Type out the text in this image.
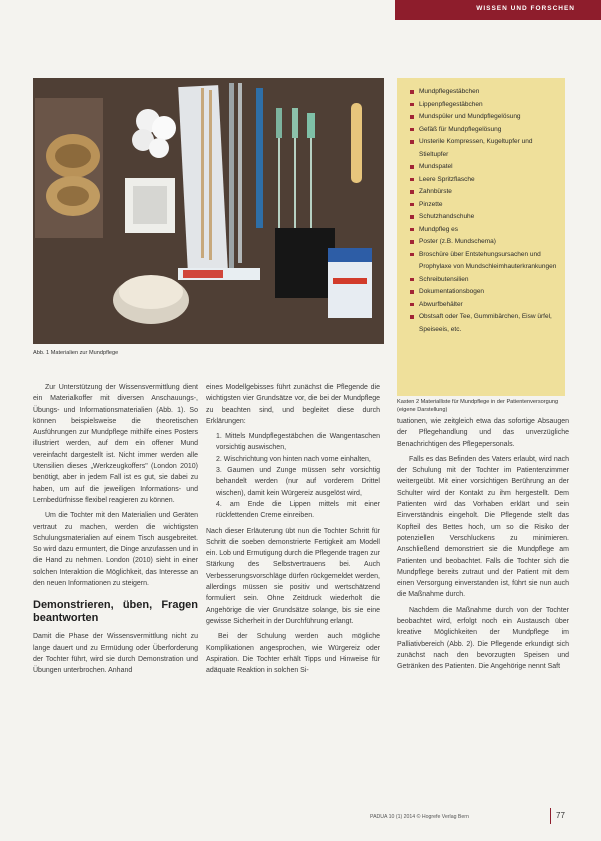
WISSEN UND FORSCHEN
Abb. 1 Materialien zur Mundpflege
Mundpflegestäbchen
Lippenpflegestäbchen
Mundspüler und Mundpflegelösung
Gefäß für Mundpflegelösung
Unsterile Kompressen, Kugeltupfer und Stieltupfer
Mundspatel
Leere Spritzflasche
Zahnbürste
Pinzette
Schutzhandschuhe
Mundpfleg es
Poster (z.B. Mundschema)
Broschüre über Entstehungsursachen und Prophylaxe von Mundschleimhauterkrankungen
Schreibutensilien
Dokumentationsbogen
Abwurfbehälter
Obstsaft oder Tee, Gummibärchen, Eisw ürfel, Speiseeis, etc.
Kasten 2 Materialliste für Mundpflege in der Patientenversorgung (eigene Darstellung)

Zur Unterstützung der Wissensvermittlung dient ein Materialkoffer mit diversen Anschauungs-, Übungs- und Informationsmaterialien (Abb. 1). So können beispielsweise die theoretischen Ausführungen zur Mundpflege mithilfe eines Posters illustriert werden, auf dem ein offener Mund vereinfacht dargestellt ist. Nicht immer werden alle Utensilien dieses „Werkzeugkoffers" (London 2010) benötigt, aber in jedem Fall ist es gut, sie dabei zu haben, um auf die jeweiligen Informations- und Lernbedürfnisse flexibel reagieren zu können.

Um die Tochter mit den Materialien und Geräten vertraut zu machen, werden die wichtigsten Schulungsmaterialien auf einem Tisch ausgebreitet. So wird dazu ermuntert, die Dinge anzufassen und in die Hand zu nehmen. London (2010) sieht in einer solchen Interaktion die Möglichkeit, das Interesse an den neuen Informationen zu steigern.

Demonstrieren, üben, Fragen beantworten

Damit die Phase der Wissensvermittlung nicht zu lange dauert und zu Ermüdung oder Überforderung der Tochter führt, wird sie durch Demonstration und Übungen unterbrochen. Anhand

eines Modellgebisses führt zunächst die Pflegende die wichtigsten vier Grundsätze vor, die bei der Mundpflege zu beachten sind, und begleitet diese durch Erklärungen:

1. Mittels Mundpflegestäbchen die Wangentaschen vorsichtig auswischen,
2. Wischrichtung von hinten nach vorne einhalten,
3. Gaumen und Zunge müssen sehr vorsichtig behandelt werden (nur auf vorderem Drittel wischen), damit kein Würgereiz ausgelöst wird,
4. am Ende die Lippen mittels mit einer rückfettenden Creme einreiben.

Nach dieser Erläuterung übt nun die Tochter Schritt für Schritt die soeben demonstrierte Fertigkeit am Modell ein. Lob und Ermutigung durch die Pflegende tragen zur Stärkung des Selbstvertrauens bei. Auch Verbesserungsvorschläge dürfen rückgemeldet werden, allerdings müssen sie positiv und wertschätzend formuliert sein. Ohne Zeitdruck wiederholt die Angehörige die vier Grundsätze solange, bis sie eine gewisse Sicherheit in der Durchführung erlangt.

Bei der Schulung werden auch mögliche Komplikationen angesprochen, wie Würgereiz oder Aspiration. Die Tochter erhält Tipps und Hinweise für adäquate Reaktion in solchen Si-

tuationen, wie zeitgleich etwa das sofortige Absaugen der Pflegehandlung und das unverzügliche Benachrichtigen des Pflegepersonals.

Falls es das Befinden des Vaters erlaubt, wird nach der Schulung mit der Tochter im Patientenzimmer weitergeübt. Mit einer vorsichtigen Berührung an der Schulter wird der Kontakt zu ihm hergestellt. Dem Patienten wird das Vorhaben erklärt und sein Einverständnis eingeholt. Die Pflegende stellt das Kopfteil des Bettes hoch, um so die Risiko der potenziellen Verschluckens zu minimieren. Anschließend demonstriert sie die Mundpflege am Patienten und beobachtet. Falls die Tochter sich die Mundpflege bereits zutraut und der Patient mit dem einen Versorgung einverstanden ist, führt sie nun auch die Maßnahme durch.

Nachdem die Maßnahme durch von der Tochter beobachtet wird, erfolgt noch ein Austausch über kreative Möglichkeiten der Mundpflege im Palliativbereich (Abb. 2). Die Pflegende erkundigt sich zunächst nach den bevorzugten Speisen und Getränken des Patienten. Die Angehörige nennt Saft

PADUA 10 (1) 2014 © Hogrefe Verlag Bern	77
